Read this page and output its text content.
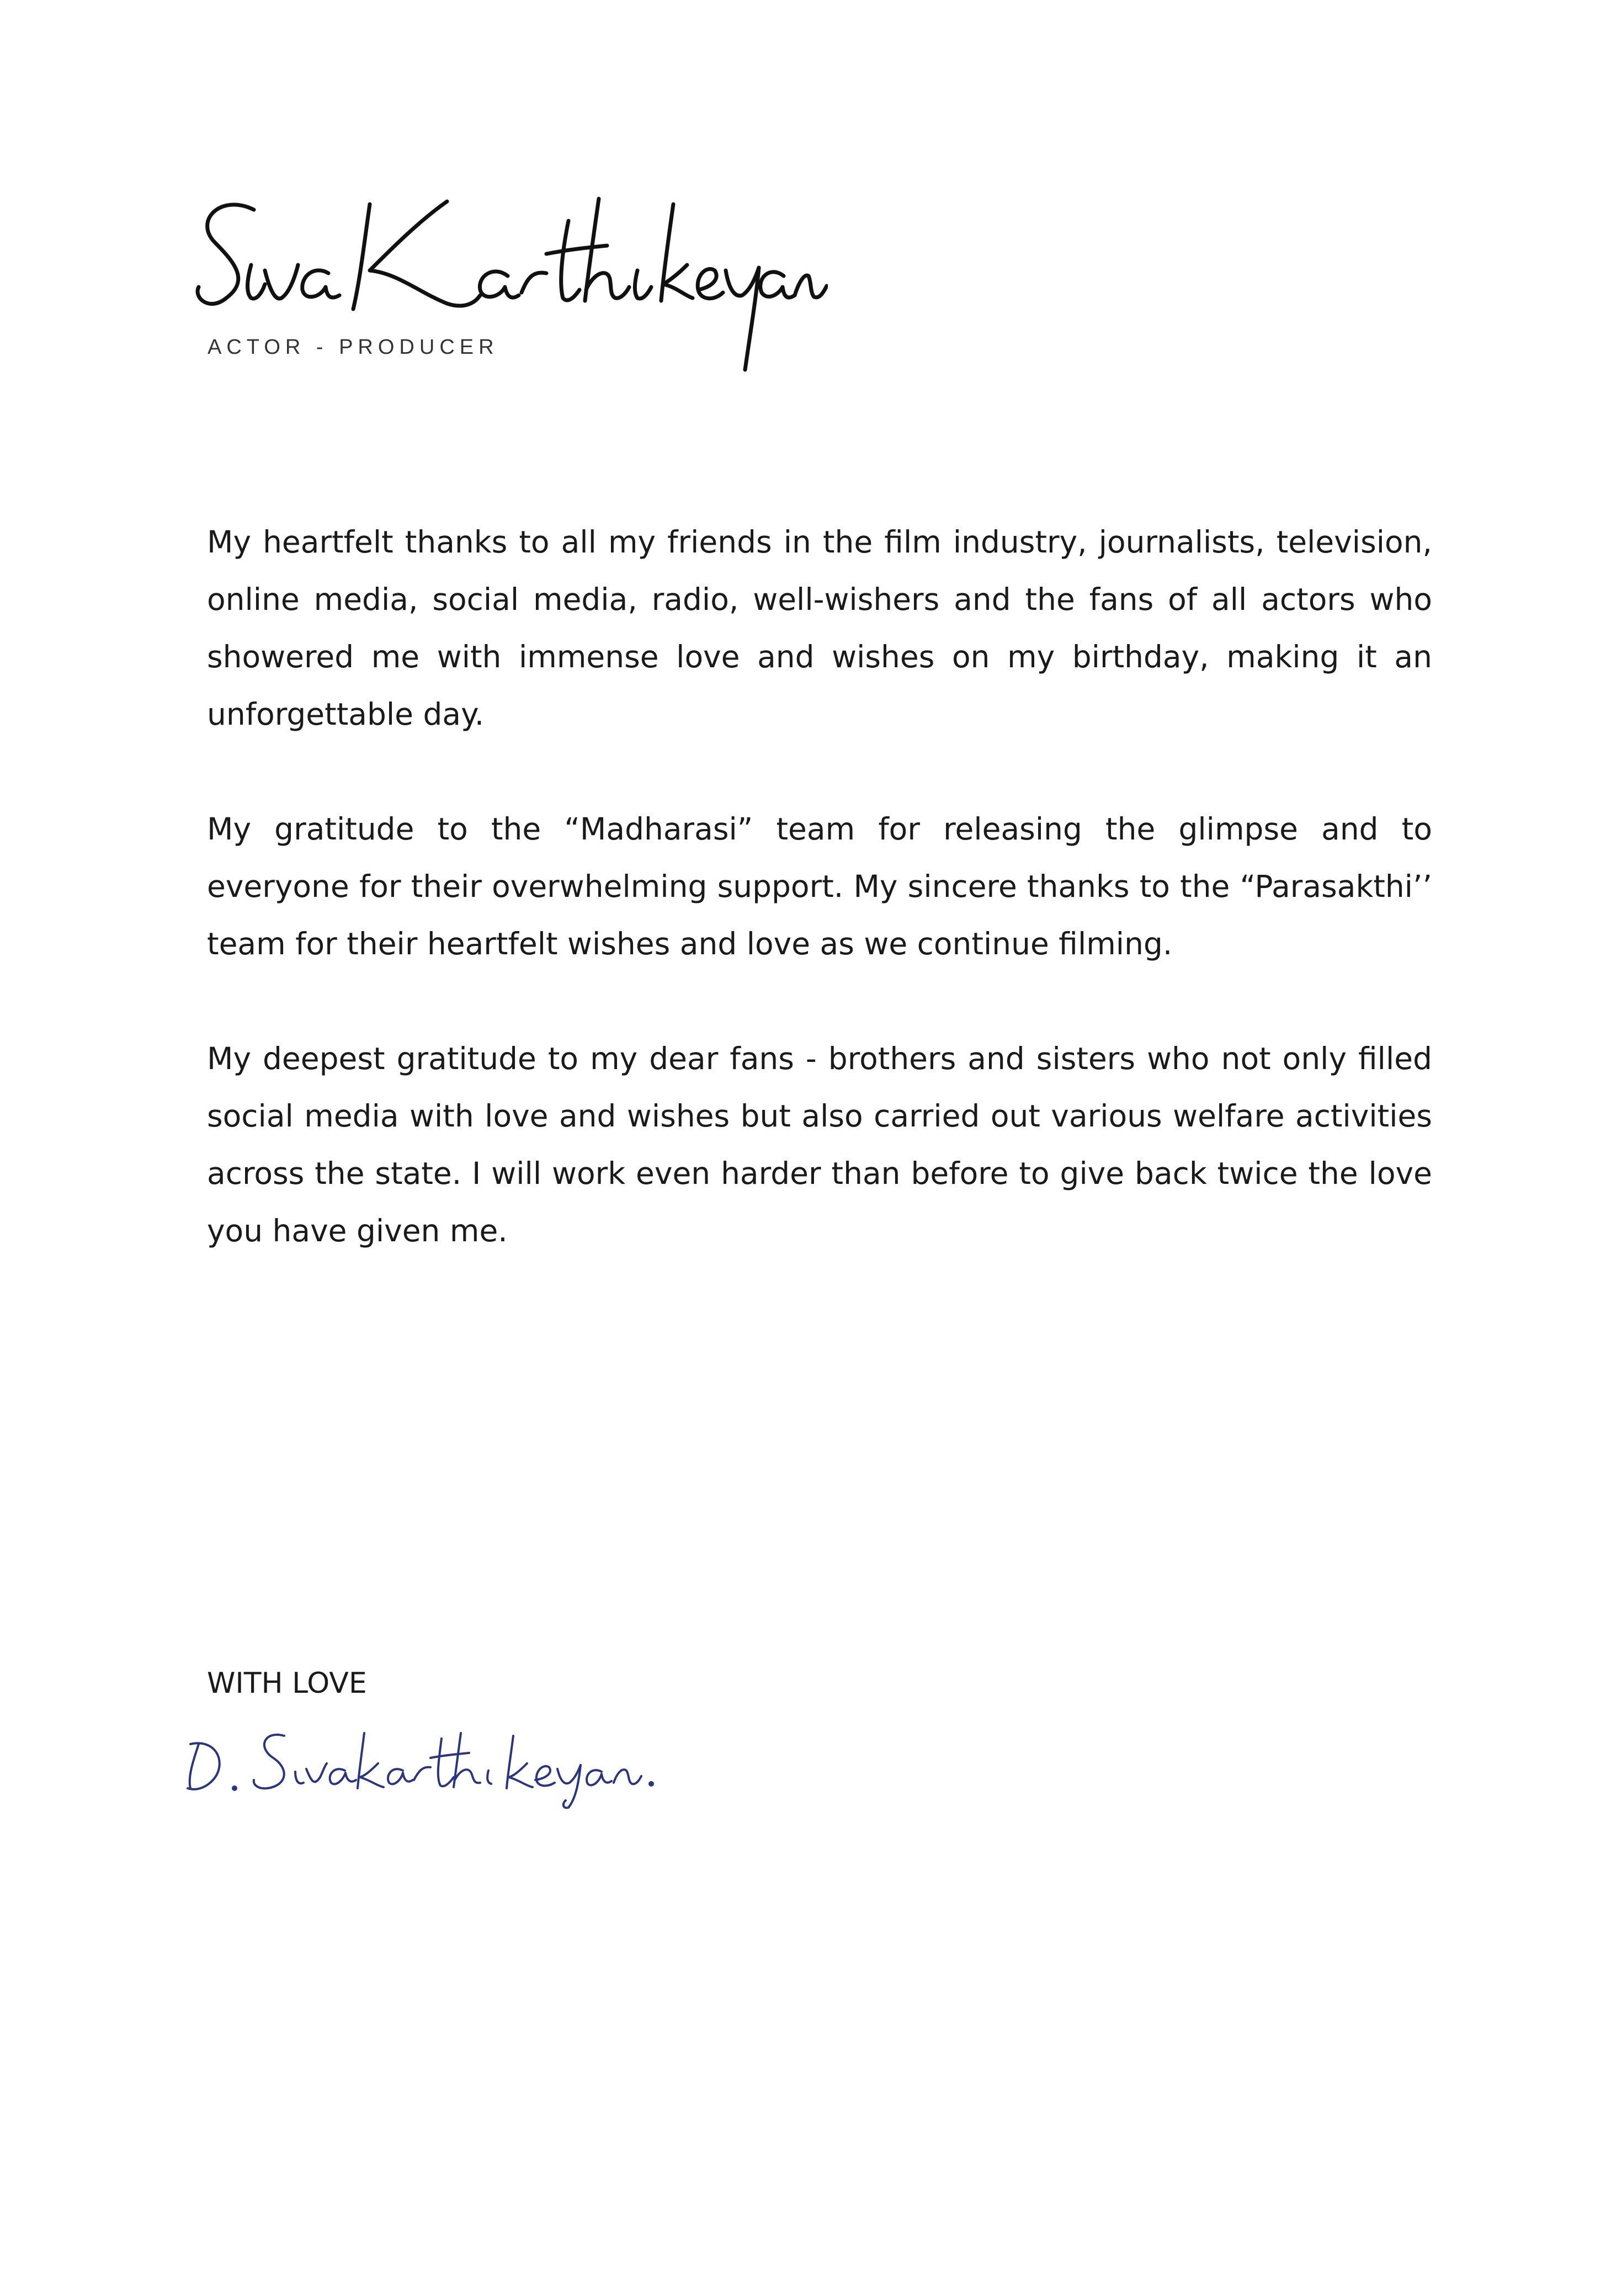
ACTOR - PRODUCER

My heartfelt thanks to all my friends in the film industry, journalists, television, online media, social media, radio, well-wishers and the fans of all actors who showered me with immense love and wishes on my birthday, making it an unforgettable day.

My gratitude to the “Madharasi” team for releasing the glimpse and to everyone for their overwhelming support. My sincere thanks to the “Parasakthi’’ team for their heartfelt wishes and love as we continue filming.

My deepest gratitude to my dear fans - brothers and sisters who not only filled social media with love and wishes but also carried out various welfare activities across the state. I will work even harder than before to give back twice the love you have given me.

WITH LOVE
